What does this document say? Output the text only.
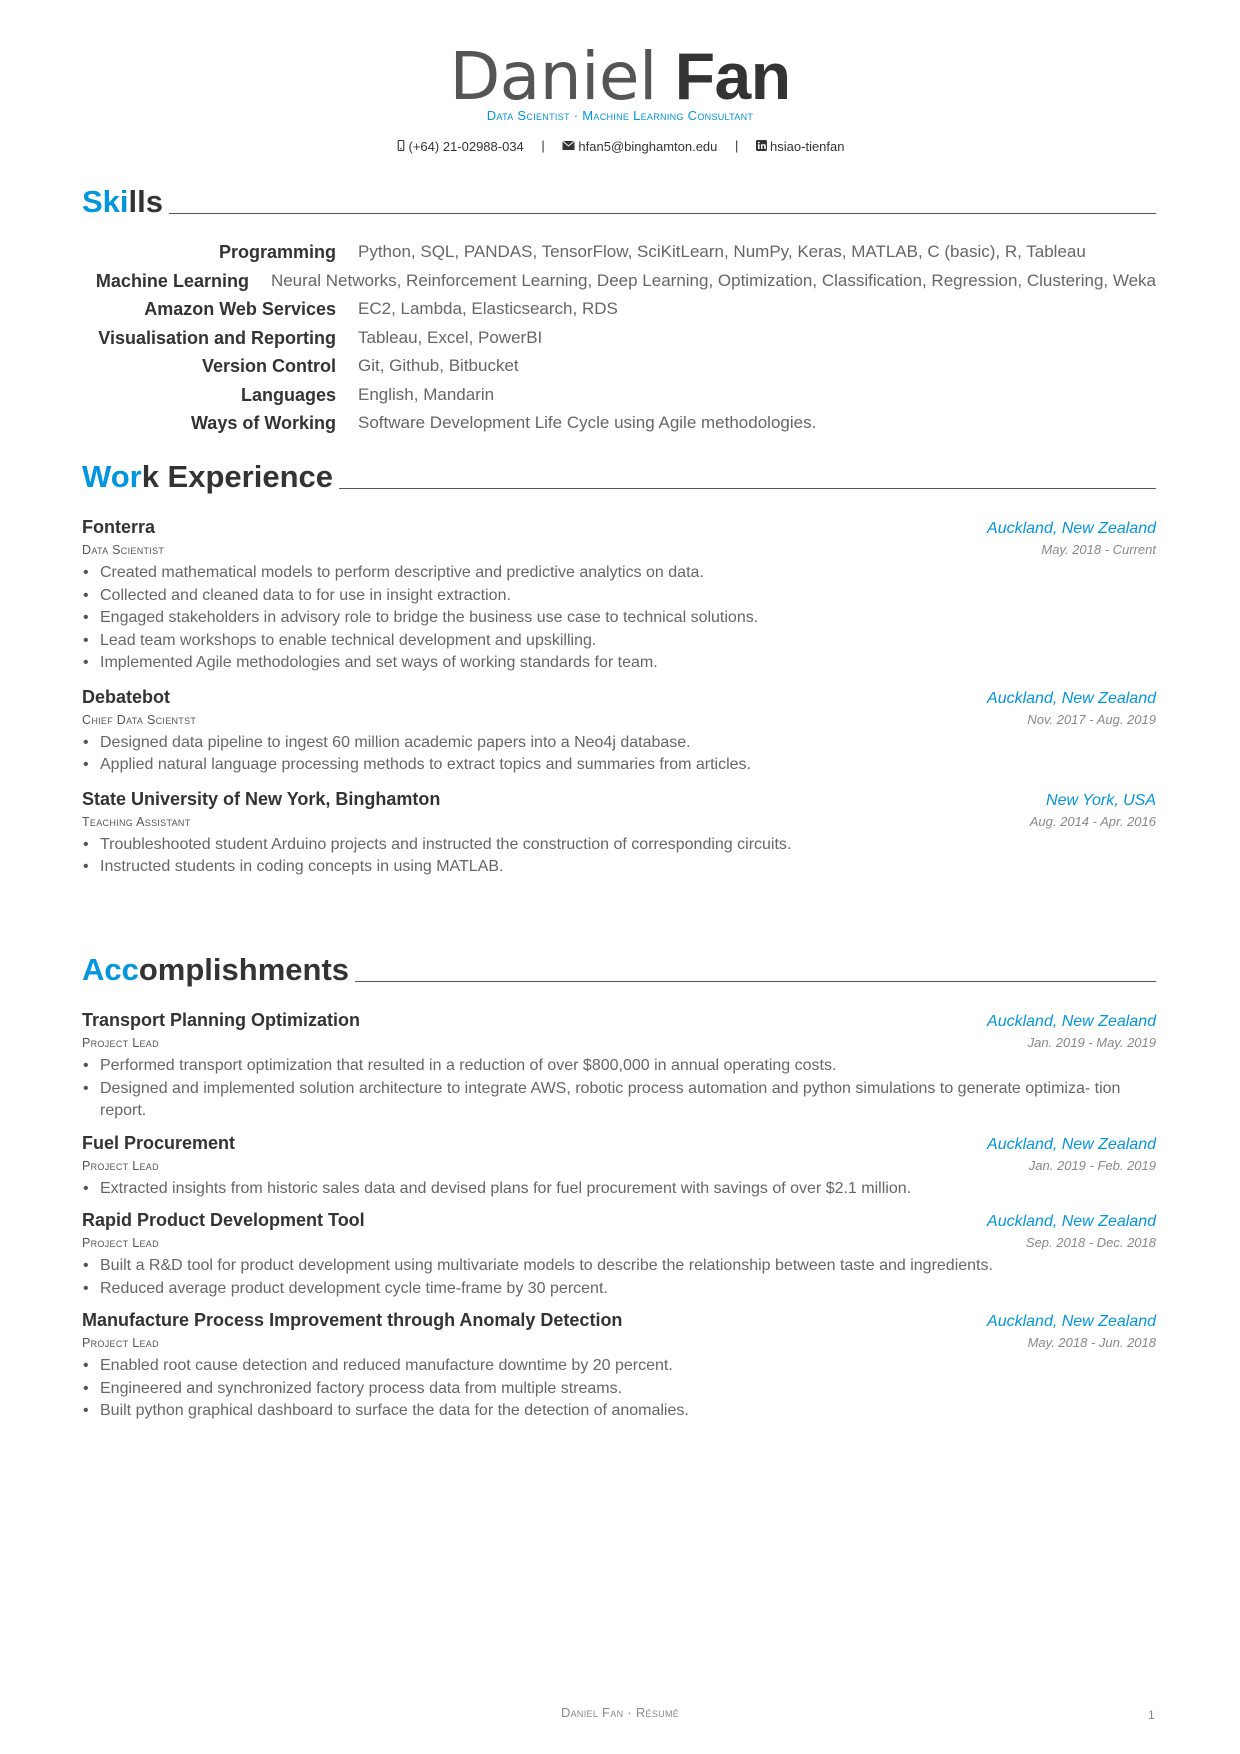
Daniel Fan
Data Scientist · Machine Learning Consultant
(+64) 21-02988-034 |	hfan5@binghamton.edu | hsiao-tienfan
Skills
Programming	Python, SQL, PANDAS, TensorFlow, SciKitLearn, NumPy, Keras, MATLAB, C (basic), R, Tableau
Machine Learning	Neural Networks, Reinforcement Learning, Deep Learning, Optimization, Classification, Regression, Clustering, Weka
Amazon Web Services	EC2, Lambda, Elasticsearch, RDS
Visualisation and Reporting	Tableau, Excel, PowerBI
Version Control	Git, Github, Bitbucket
Languages	English, Mandarin
Ways of Working	Software Development Life Cycle using Agile methodologies.
Work Experience
Fonterra	Auckland, New Zealand
Data Scientist	May. 2018 - Current
• Created mathematical models to perform descriptive and predictive analytics on data.
• Collected and cleaned data to for use in insight extraction.
• Engaged stakeholders in advisory role to bridge the business use case to technical solutions.
• Lead team workshops to enable technical development and upskilling.
• Implemented Agile methodologies and set ways of working standards for team.
Debatebot	Auckland, New Zealand
Chief Data Scientst	Nov. 2017 - Aug. 2019
• Designed data pipeline to ingest 60 million academic papers into a Neo4j database.
• Applied natural language processing methods to extract topics and summaries from articles.
State University of New York, Binghamton	New York, USA
Teaching Assistant	Aug. 2014 - Apr. 2016
• Troubleshooted student Arduino projects and instructed the construction of corresponding circuits.
• Instructed students in coding concepts in using MATLAB.
Accomplishments
Transport Planning Optimization	Auckland, New Zealand
Project Lead	Jan. 2019 - May. 2019
• Performed transport optimization that resulted in a reduction of over $800,000 in annual operating costs.
• Designed and implemented solution architecture to integrate AWS, robotic process automation and python simulations to generate optimiza- tion report.
Fuel Procurement	Auckland, New Zealand
Project Lead	Jan. 2019 - Feb. 2019
• Extracted insights from historic sales data and devised plans for fuel procurement with savings of over $2.1 million.
Rapid Product Development Tool	Auckland, New Zealand
Project Lead	Sep. 2018 - Dec. 2018
• Built a R&D tool for product development using multivariate models to describe the relationship between taste and ingredients.
• Reduced average product development cycle time-frame by 30 percent.
Manufacture Process Improvement through Anomaly Detection	Auckland, New Zealand
Project Lead	May. 2018 - Jun. 2018
• Enabled root cause detection and reduced manufacture downtime by 20 percent.
• Engineered and synchronized factory process data from multiple streams.
• Built python graphical dashboard to surface the data for the detection of anomalies.
Daniel Fan · Résumé	1
